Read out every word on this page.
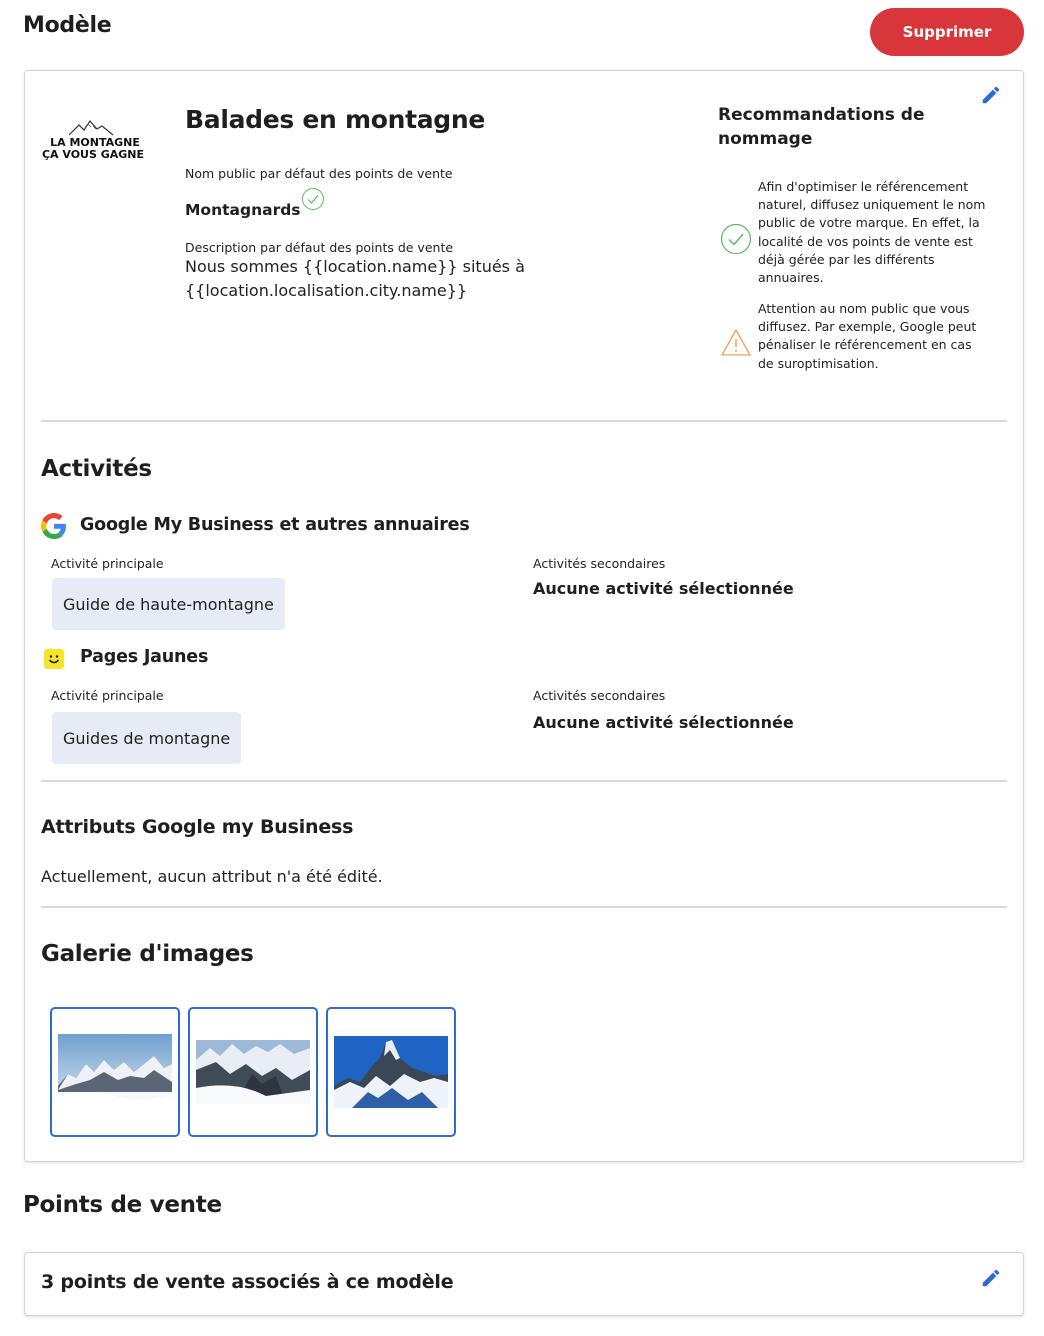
Modèle	Supprimer
LA MONTAGNE
ÇA VOUS GAGNE
Balades en montagne
Nom public par défaut des points de vente
Montagnards
Description par défaut des points de vente
Nous sommes {{location.name}} situés à {{location.localisation.city.name}}
Recommandations de nommage
Afin d'optimiser le référencement naturel, diffusez uniquement le nom public de votre marque. En effet, la localité de vos points de vente est déjà gérée par les différents annuaires.
Attention au nom public que vous diffusez. Par exemple, Google peut pénaliser le référencement en cas de suroptimisation.
Activités
Google My Business et autres annuaires
Activité principale
Guide de haute-montagne
Activités secondaires
Aucune activité sélectionnée
Pages Jaunes
Activité principale
Guides de montagne
Activités secondaires
Aucune activité sélectionnée
Attributs Google my Business
Actuellement, aucun attribut n'a été édité.
Galerie d'images
Points de vente
3 points de vente associés à ce modèle
